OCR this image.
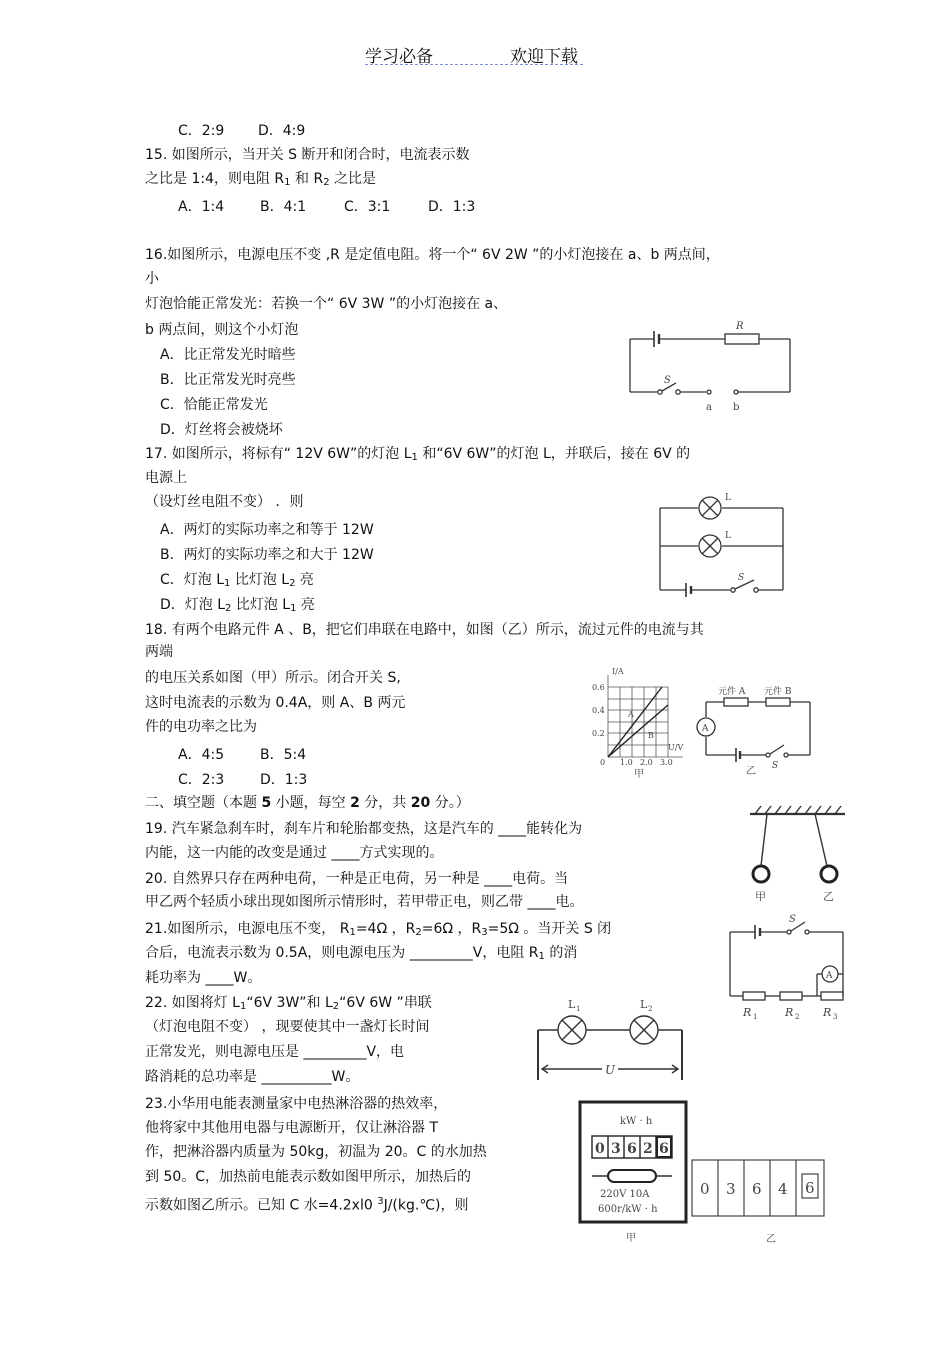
学习必备	欢迎下载
C．2:9 D．4:9
15. 如图所示，当开关 S 断开和闭合时，电流表示数
之比是 1:4，则电阻 $R_1$ 和 $R_2$ 之比是
A．1:4	B．4:1	C．3:1	D．1:3
16.如图所示，电源电压不变 ,R 是定值电阻。将一个“ 6V 2W ”的小灯泡接在 a、b 两点间，
小
灯泡恰能正常发光：若换一个“ 6V 3W ”的小灯泡接在 a、
b 两点间，则这个小灯泡
A．比正常发光时暗些
B．比正常发光时亮些
C．恰能正常发光
D．灯丝将会被烧坏
R
S
a b
17. 如图所示，将标有“ 12V 6W”的灯泡 $L_1$ 和“6V 6W”的灯泡 L，并联后，接在 6V 的
电源上
（设灯丝电阻不变） ．则
A．两灯的实际功率之和等于 12W
B．两灯的实际功率之和大于 12W
C．灯泡 $L_1$ 比灯泡 $L_2$ 亮
D．灯泡 $L_2$ 比灯泡 $L_1$ 亮
L
L
S
18. 有两个电路元件 A 、B，把它们串联在电路中，如图（乙）所示，流过元件的电流与其
两端
的电压关系如图（甲）所示。闭合开关 S,
这时电流表的示数为 0.4A，则 A、B 两元
件的电功率之比为
A．4:5	B．5:4
C．2:3	D．1:3
I/A
U/V
0.6
0.4
0.2
0 1.0 2.0 3.0
A
B
甲
元件 A 元件 B
A
S
乙
二、填空题（本题 5 小题，每空 2 分，共 20 分。）
19. 汽车紧急刹车时，刹车片和轮胎都变热，这是汽车的 ____能转化为
内能，这一内能的改变是通过 ____方式实现的。
甲	乙
20. 自然界只存在两种电荷，一种是正电荷，另一种是 ____电荷。当
甲乙两个轻质小球出现如图所示情形时，若甲带正电，则乙带 ____电。
21.如图所示，电源电压不变， $R_1=4\Omega$ ，$R_2=6\Omega$ ，$R_3=5\Omega$ 。当开关 S 闭
合后，电流表示数为 0.5A，则电源电压为 _________V，电阻 $R_1$ 的消
耗功率为 ____W。
S
A
R 1	R 2 R 3
22. 如图将灯 $L_1“6V$ 3W”和 $L_2“6V$ 6W ”串联
（灯泡电阻不变） ，现要使其中一盏灯长时间
正常发光，则电源电压是 _________V，电
路消耗的总功率是 __________W。
L 1	L 2
U
23.小华用电能表测量家中电热淋浴器的热效率，
他将家中其他用电器与电源断开，仅让淋浴器 T
作，把淋浴器内质量为 50kg，初温为 20。C 的水加热
到 50。C，加热前电能表示数如图甲所示，加热后的
示数如图乙所示。已知 C 水=4.2xl0 $^3$J/(kg.℃)，则
kW · h
0 3 6 2 6
220V 10A
600r/kW · h
甲
0 3 6 4 6
乙
